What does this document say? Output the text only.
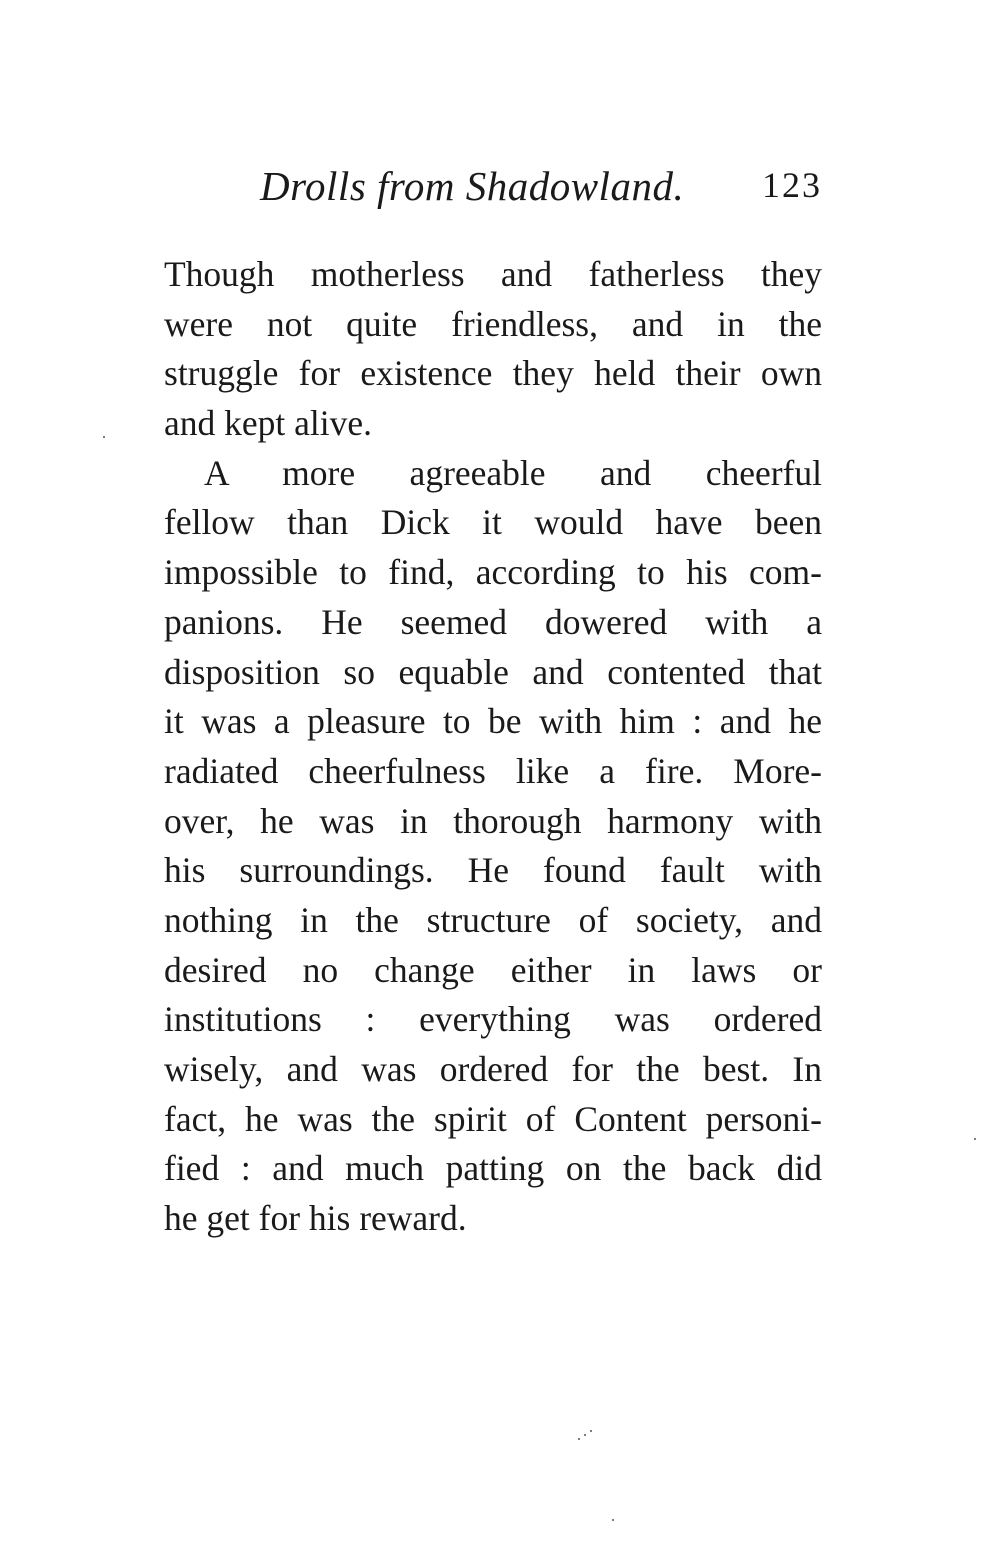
Drolls from Shadowland. 123
Though motherless and fatherless they
were not quite friendless, and in the
struggle for existence they held their own
and kept alive.
A more agreeable and cheerful
fellow than Dick it would have been
impossible to find, according to his com-
panions. He seemed dowered with a
disposition so equable and contented that
it was a pleasure to be with him : and he
radiated cheerfulness like a fire. More-
over, he was in thorough harmony with
his surroundings. He found fault with
nothing in the structure of society, and
desired no change either in laws or
institutions : everything was ordered
wisely, and was ordered for the best. In
fact, he was the spirit of Content personi-
fied : and much patting on the back did
he get for his reward.
